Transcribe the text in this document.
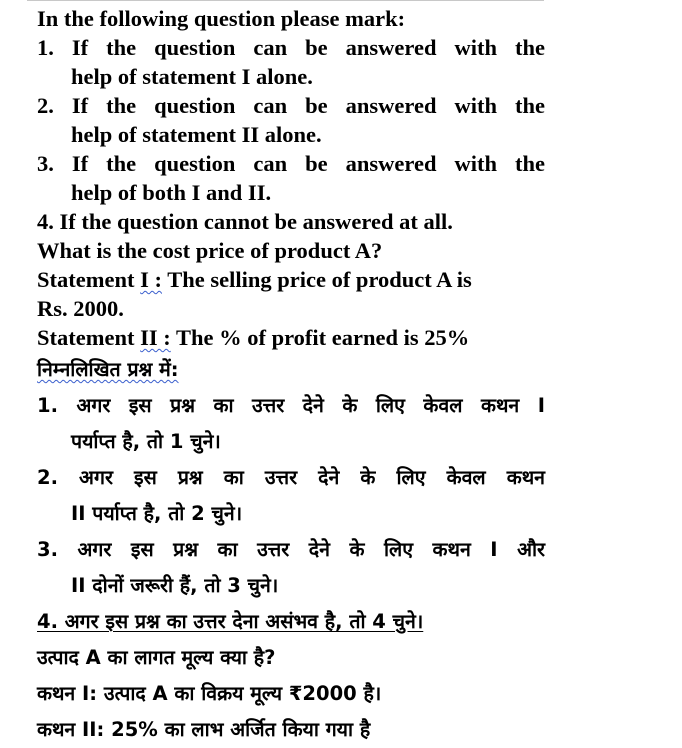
In the following question please mark:
1. If the question can be answered with the
help of statement I alone.
2. If the question can be answered with the
help of statement II alone.
3. If the question can be answered with the
help of both I and II.
4. If the question cannot be answered at all.
What is the cost price of product A?
Statement I : The selling price of product A is
Rs. 2000.
Statement II : The % of profit earned is 25%
निम्नलिखित प्रश्न में:
1. अगर इस प्रश्न का उत्तर देने के लिए केवल कथन I
पर्याप्त है, तो 1 चुने।
2. अगर इस प्रश्न का उत्तर देने के लिए केवल कथन
II पर्याप्त है, तो 2 चुने।
3. अगर इस प्रश्न का उत्तर देने के लिए कथन I और
II दोनों जरूरी हैं, तो 3 चुने।
4. अगर इस प्रश्न का उत्तर देना असंभव है, तो 4 चुने।
उत्पाद A का लागत मूल्य क्या है?
कथन I: उत्पाद A का विक्रय मूल्य ₹2000 है।
कथन II: 25% का लाभ अर्जित किया गया है
